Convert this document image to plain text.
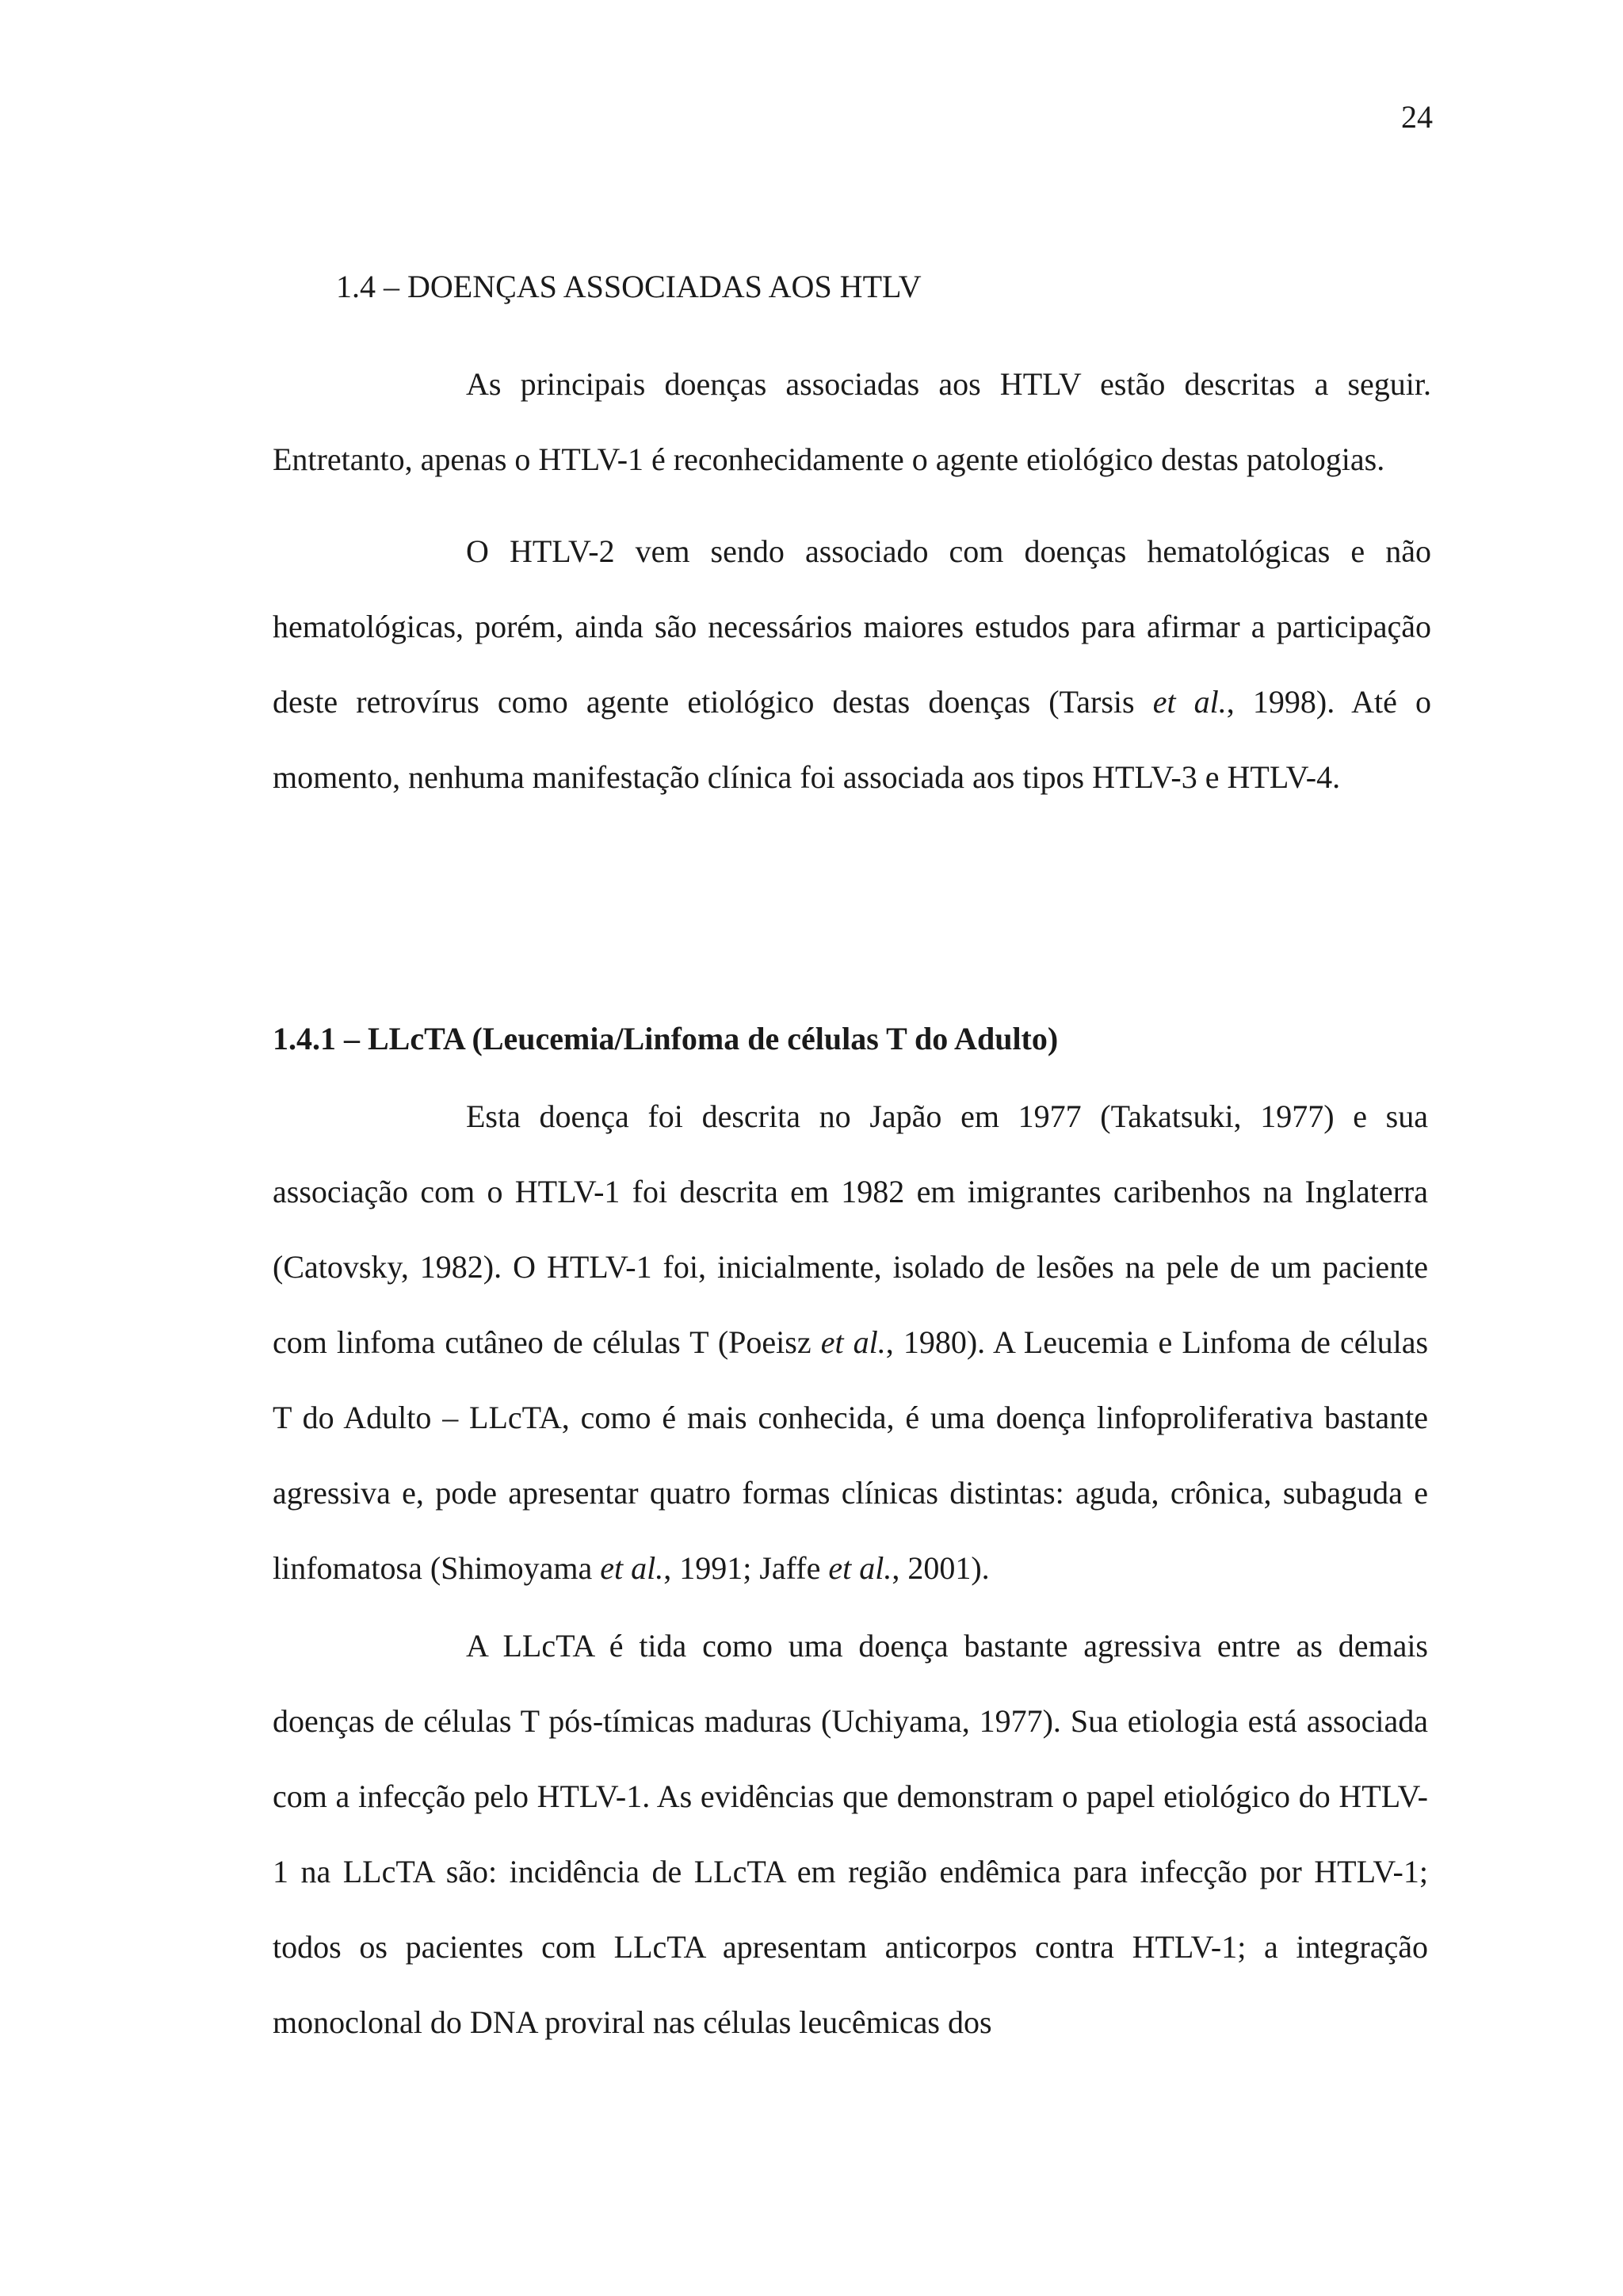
24
1.4 – DOENÇAS ASSOCIADAS AOS HTLV

As principais doenças associadas aos HTLV estão descritas a seguir. Entretanto, apenas o HTLV-1 é reconhecidamente o agente etiológico destas patologias.

O HTLV-2 vem sendo associado com doenças hematológicas e não hematológicas, porém, ainda são necessários maiores estudos para afirmar a participação deste retrovírus como agente etiológico destas doenças (Tarsis et al., 1998). Até o momento, nenhuma manifestação clínica foi associada aos tipos HTLV-3 e HTLV-4.

1.4.1 – LLcTA (Leucemia/Linfoma de células T do Adulto)

Esta doença foi descrita no Japão em 1977 (Takatsuki, 1977) e sua associação com o HTLV-1 foi descrita em 1982 em imigrantes caribenhos na Inglaterra (Catovsky, 1982). O HTLV-1 foi, inicialmente, isolado de lesões na pele de um paciente com linfoma cutâneo de células T (Poeisz et al., 1980). A Leucemia e Linfoma de células T do Adulto – LLcTA, como é mais conhecida, é uma doença linfoproliferativa bastante agressiva e, pode apresentar quatro formas clínicas distintas: aguda, crônica, subaguda e linfomatosa (Shimoyama et al., 1991; Jaffe et al., 2001).

A LLcTA é tida como uma doença bastante agressiva entre as demais doenças de células T pós-tímicas maduras (Uchiyama, 1977). Sua etiologia está associada com a infecção pelo HTLV-1. As evidências que demonstram o papel etiológico do HTLV-1 na LLcTA são: incidência de LLcTA em região endêmica para infecção por HTLV-1; todos os pacientes com LLcTA apresentam anticorpos contra HTLV-1; a integração monoclonal do DNA proviral nas células leucêmicas dos
